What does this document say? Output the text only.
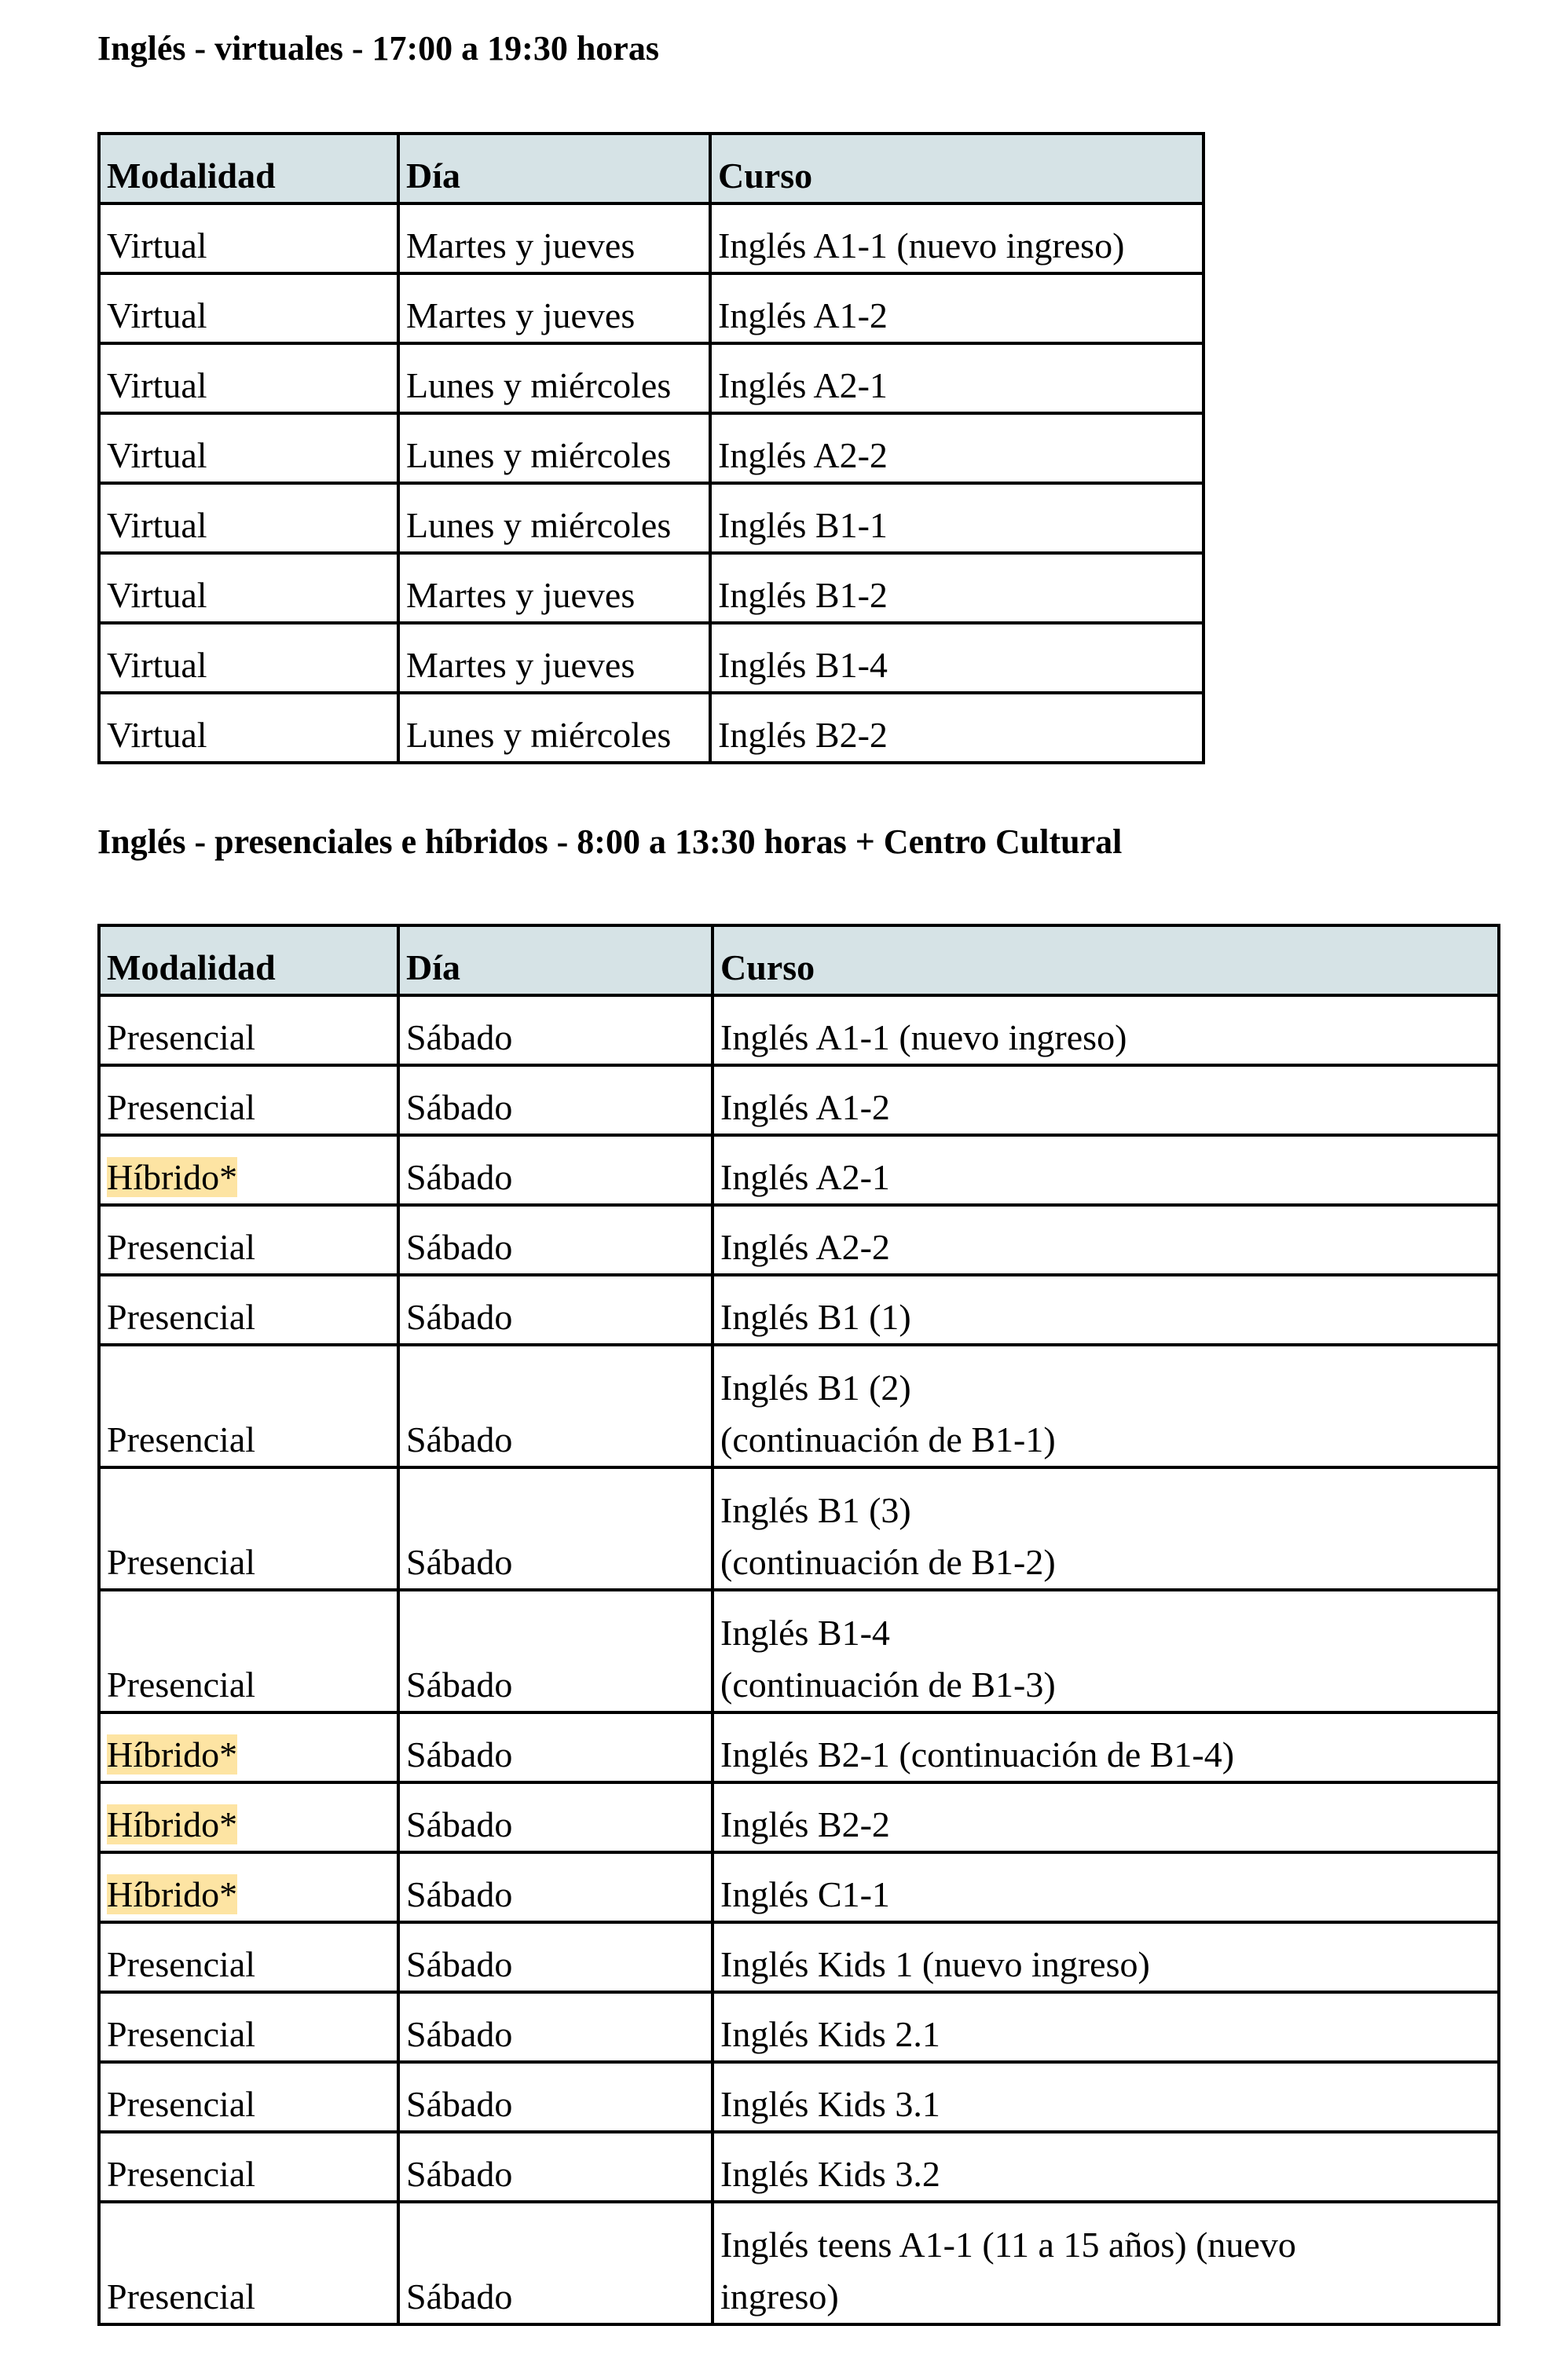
Inglés - virtuales - 17:00 a 19:30 horas
Modalidad	Día	Curso
Virtual	Martes y jueves	Inglés A1-1 (nuevo ingreso)
Virtual	Martes y jueves	Inglés A1-2
Virtual	Lunes y miércoles	Inglés A2-1
Virtual	Lunes y miércoles	Inglés A2-2
Virtual	Lunes y miércoles	Inglés B1-1
Virtual	Martes y jueves	Inglés B1-2
Virtual	Martes y jueves	Inglés B1-4
Virtual	Lunes y miércoles	Inglés B2-2
Inglés - presenciales e híbridos - 8:00 a 13:30 horas + Centro Cultural
Modalidad	Día	Curso
Presencial	Sábado	Inglés A1-1 (nuevo ingreso)
Presencial	Sábado	Inglés A1-2
Híbrido*	Sábado	Inglés A2-1
Presencial	Sábado	Inglés A2-2
Presencial	Sábado	Inglés B1 (1)
Presencial	Sábado	Inglés B1 (2)
(continuación de B1-1)
Presencial	Sábado	Inglés B1 (3)
(continuación de B1-2)
Presencial	Sábado	Inglés B1-4
(continuación de B1-3)
Híbrido*	Sábado	Inglés B2-1 (continuación de B1-4)
Híbrido*	Sábado	Inglés B2-2
Híbrido*	Sábado	Inglés C1-1
Presencial	Sábado	Inglés Kids 1 (nuevo ingreso)
Presencial	Sábado	Inglés Kids 2.1
Presencial	Sábado	Inglés Kids 3.1
Presencial	Sábado	Inglés Kids 3.2
Presencial	Sábado	Inglés teens A1-1 (11 a 15 años) (nuevo
ingreso)
